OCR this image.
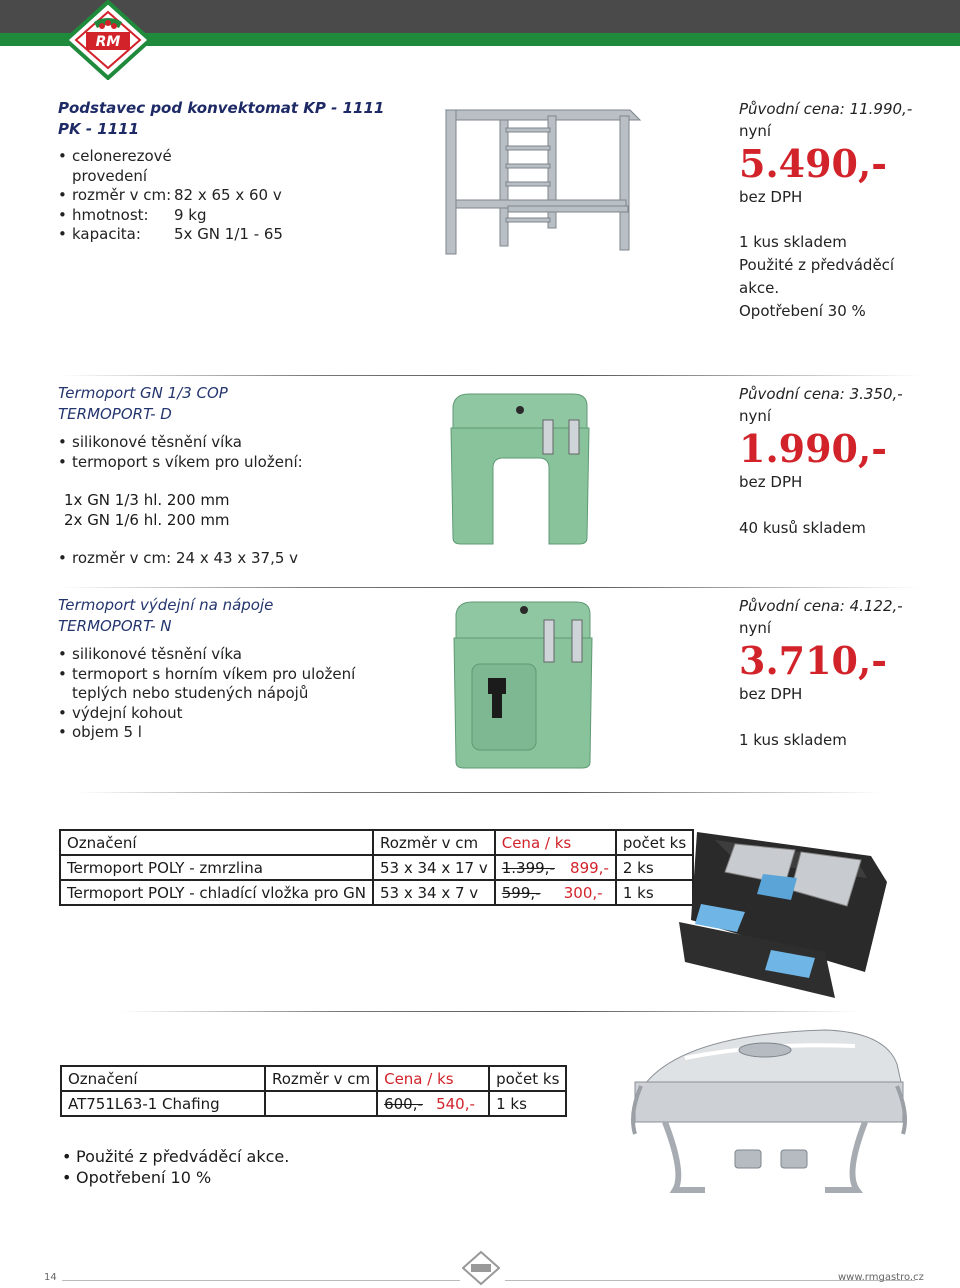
RM
Podstavec pod konvektomat KP - 1111
PK - 1111
• celonerezové provedení
• rozměr v cm: 82 x 65 x 60 v
• hmotnost: 9 kg
• kapacita: 5x GN 1/1 - 65
Původní cena: 11.990,-
nyní
5.490,-
bez DPH
1 kus skladem
Použité z předváděcí
akce.
Opotřebení 30 %
Termoport GN 1/3 COP
TERMOPORT- D
• silikonové těsnění víka
• termoport s víkem pro uložení:
1x GN 1/3 hl. 200 mm
2x GN 1/6 hl. 200 mm
• rozměr v cm: 24 x 43 x 37,5 v
Původní cena: 3.350,-
nyní
1.990,-
bez DPH
40 kusů skladem
Termoport výdejní na nápoje
TERMOPORT- N
• silikonové těsnění víka
• termoport s horním víkem pro uložení
teplých nebo studených nápojů
• výdejní kohout
• objem 5 l
Původní cena: 4.122,-
nyní
3.710,-
bez DPH
1 kus skladem
Označení	Rozměr v cm	Cena / ks	počet ks
Termoport POLY - zmrzlina	53 x 34 x 17 v	1.399,- 899,-	2 ks
Termoport POLY - chladící vložka pro GN	53 x 34 x 7 v	599,- 300,-	1 ks
Označení	Rozměr v cm	Cena / ks	počet ks
AT751L63-1 Chafing		600,- 540,-	1 ks
• Použité z předváděcí akce.
• Opotřebení 10 %
14	www.rmgastro.cz
